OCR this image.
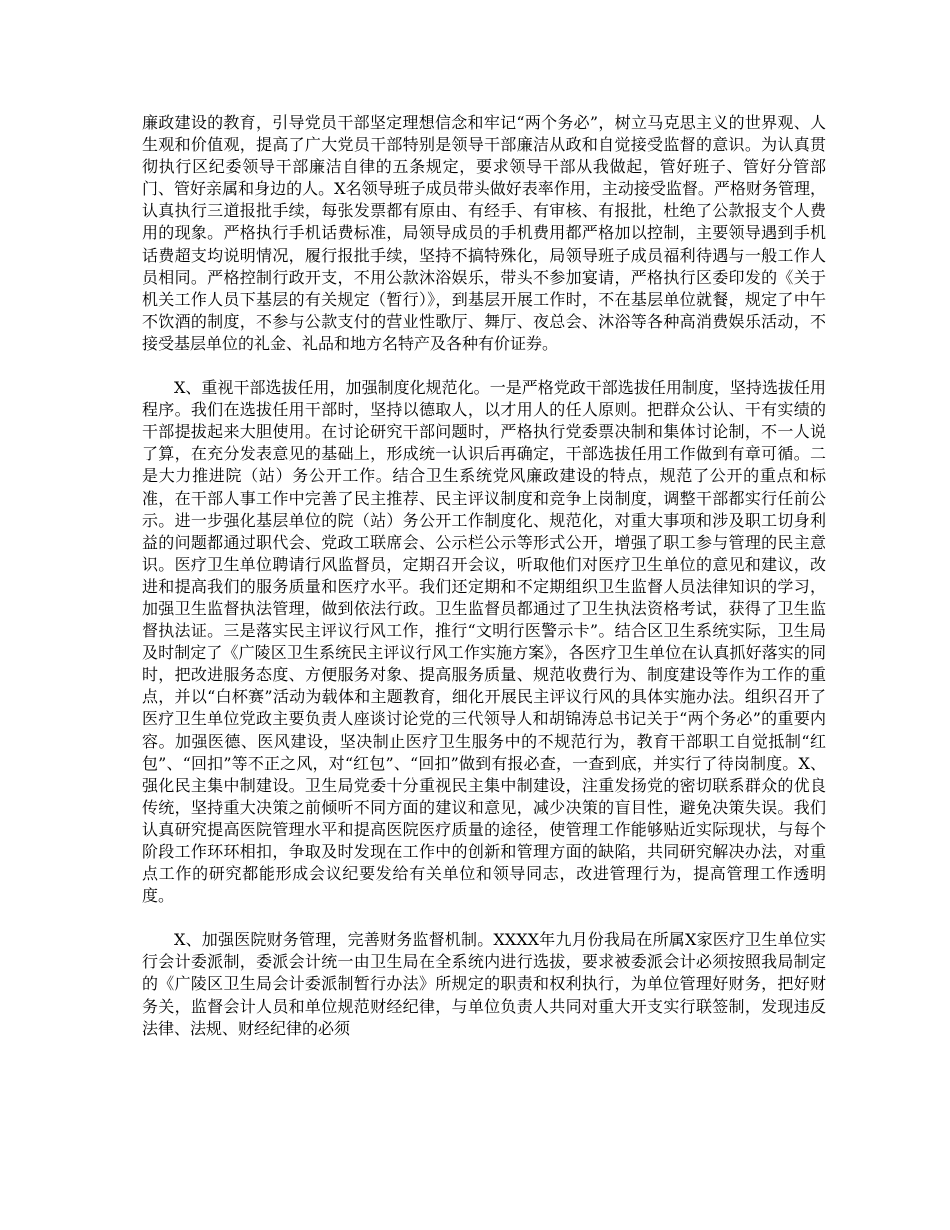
廉政建设的教育，引导党员干部坚定理想信念和牢记“两个务必”，树立马克思主义的世界观、人生观和价值观，提高了广大党员干部特别是领导干部廉洁从政和自觉接受监督的意识。为认真贯彻执行区纪委领导干部廉洁自律的五条规定，要求领导干部从我做起，管好班子、管好分管部门、管好亲属和身边的人。X名领导班子成员带头做好表率作用，主动接受监督。严格财务管理，认真执行三道报批手续，每张发票都有原由、有经手、有审核、有报批，杜绝了公款报支个人费用的现象。严格执行手机话费标准，局领导成员的手机费用都严格加以控制，主要领导遇到手机话费超支均说明情况，履行报批手续，坚持不搞特殊化，局领导班子成员福利待遇与一般工作人员相同。严格控制行政开支，不用公款沐浴娱乐，带头不参加宴请，严格执行区委印发的《关于机关工作人员下基层的有关规定（暂行）》，到基层开展工作时，不在基层单位就餐，规定了中午不饮酒的制度，不参与公款支付的营业性歌厅、舞厅、夜总会、沐浴等各种高消费娱乐活动，不接受基层单位的礼金、礼品和地方名特产及各种有价证券。

X、重视干部选拔任用，加强制度化规范化。一是严格党政干部选拔任用制度，坚持选拔任用程序。我们在选拔任用干部时，坚持以德取人，以才用人的任人原则。把群众公认、干有实绩的干部提拔起来大胆使用。在讨论研究干部问题时，严格执行党委票决制和集体讨论制，不一人说了算，在充分发表意见的基础上，形成统一认识后再确定，干部选拔任用工作做到有章可循。二是大力推进院（站）务公开工作。结合卫生系统党风廉政建设的特点，规范了公开的重点和标准，在干部人事工作中完善了民主推荐、民主评议制度和竞争上岗制度，调整干部都实行任前公示。进一步强化基层单位的院（站）务公开工作制度化、规范化，对重大事项和涉及职工切身利益的问题都通过职代会、党政工联席会、公示栏公示等形式公开，增强了职工参与管理的民主意识。医疗卫生单位聘请行风监督员，定期召开会议，听取他们对医疗卫生单位的意见和建议，改进和提高我们的服务质量和医疗水平。我们还定期和不定期组织卫生监督人员法律知识的学习，加强卫生监督执法管理，做到依法行政。卫生监督员都通过了卫生执法资格考试，获得了卫生监督执法证。三是落实民主评议行风工作，推行“文明行医警示卡”。结合区卫生系统实际，卫生局及时制定了《广陵区卫生系统民主评议行风工作实施方案》，各医疗卫生单位在认真抓好落实的同时，把改进服务态度、方便服务对象、提高服务质量、规范收费行为、制度建设等作为工作的重点，并以“白杯赛”活动为载体和主题教育，细化开展民主评议行风的具体实施办法。组织召开了医疗卫生单位党政主要负责人座谈讨论党的三代领导人和胡锦涛总书记关于“两个务必”的重要内容。加强医德、医风建设，坚决制止医疗卫生服务中的不规范行为，教育干部职工自觉抵制“红包”、“回扣”等不正之风，对“红包”、“回扣”做到有报必查，一查到底，并实行了待岗制度。X、强化民主集中制建设。卫生局党委十分重视民主集中制建设，注重发扬党的密切联系群众的优良传统，坚持重大决策之前倾听不同方面的建议和意见，减少决策的盲目性，避免决策失误。我们认真研究提高医院管理水平和提高医院医疗质量的途径，使管理工作能够贴近实际现状，与每个阶段工作环环相扣，争取及时发现在工作中的创新和管理方面的缺陷，共同研究解决办法，对重点工作的研究都能形成会议纪要发给有关单位和领导同志，改进管理行为，提高管理工作透明度。

X、加强医院财务管理，完善财务监督机制。XXXX年九月份我局在所属X家医疗卫生单位实行会计委派制，委派会计统一由卫生局在全系统内进行选拔，要求被委派会计必须按照我局制定的《广陵区卫生局会计委派制暂行办法》所规定的职责和权利执行，为单位管理好财务，把好财务关，监督会计人员和单位规范财经纪律，与单位负责人共同对重大开支实行联签制，发现违反法律、法规、财经纪律的必须
